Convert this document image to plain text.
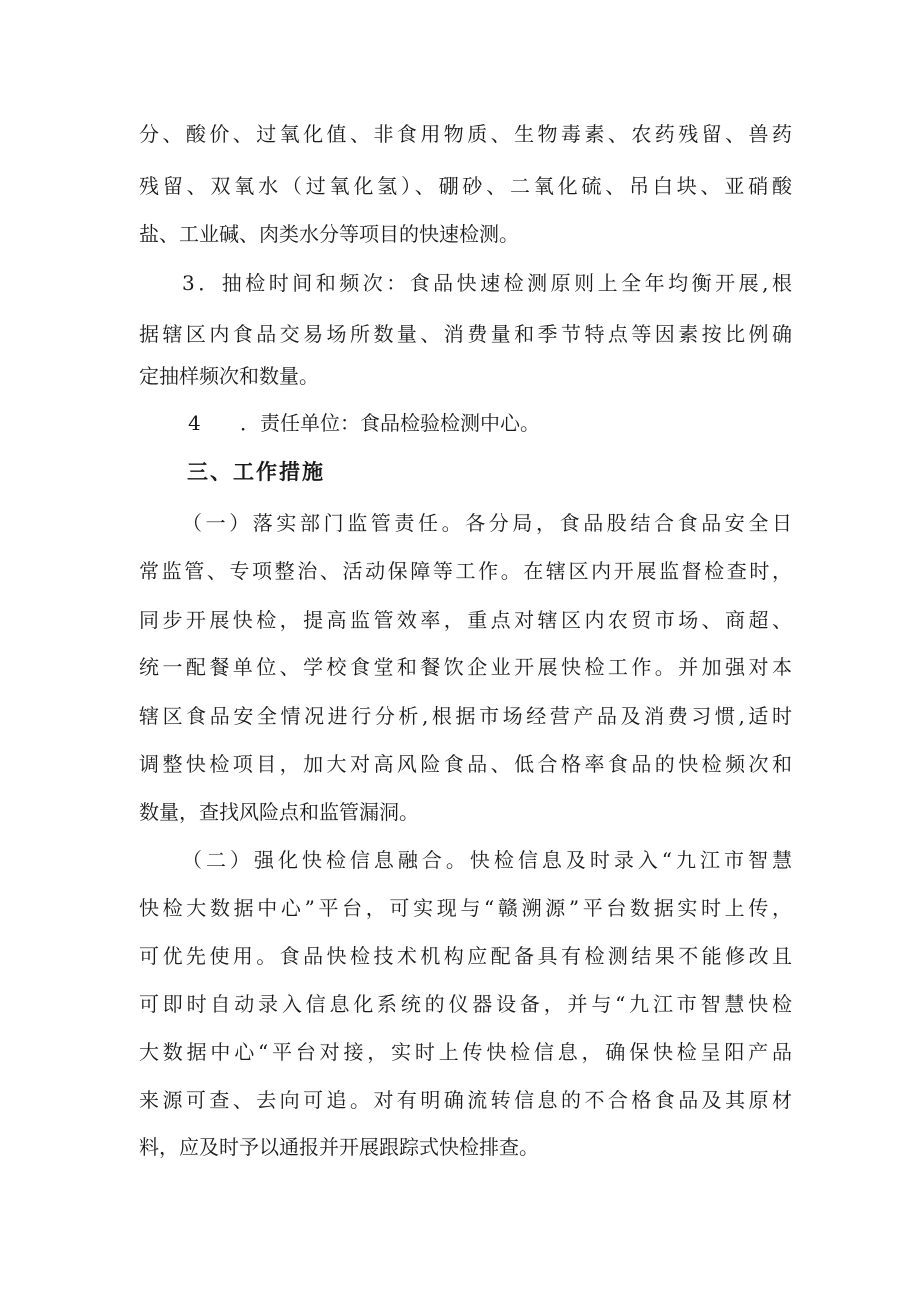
分、酸价、过氧化值、非食用物质、生物毒素、农药残留、兽药
残留、双氧水（过氧化氢）、硼砂、二氧化硫、吊白块、亚硝酸
盐、工业碱、肉类水分等项目的快速检测。
3．抽检时间和频次：食品快速检测原则上全年均衡开展,根
据辖区内食品交易场所数量、消费量和季节特点等因素按比例确
定抽样频次和数量。
4 ．责任单位：食品检验检测中心。
三、工作措施
（一）落实部门监管责任。各分局，食品股结合食品安全日
常监管、专项整治、活动保障等工作。在辖区内开展监督检查时，
同步开展快检，提高监管效率，重点对辖区内农贸市场、商超、
统一配餐单位、学校食堂和餐饮企业开展快检工作。并加强对本
辖区食品安全情况进行分析,根据市场经营产品及消费习惯,适时
调整快检项目，加大对高风险食品、低合格率食品的快检频次和
数量，查找风险点和监管漏洞。
（二）强化快检信息融合。快检信息及时录入“九江市智慧
快检大数据中心”平台，可实现与“赣溯源”平台数据实时上传，
可优先使用。食品快检技术机构应配备具有检测结果不能修改且
可即时自动录入信息化系统的仪器设备，并与“九江市智慧快检
大数据中心“平台对接，实时上传快检信息，确保快检呈阳产品
来源可查、去向可追。对有明确流转信息的不合格食品及其原材
料，应及时予以通报并开展跟踪式快检排查。
